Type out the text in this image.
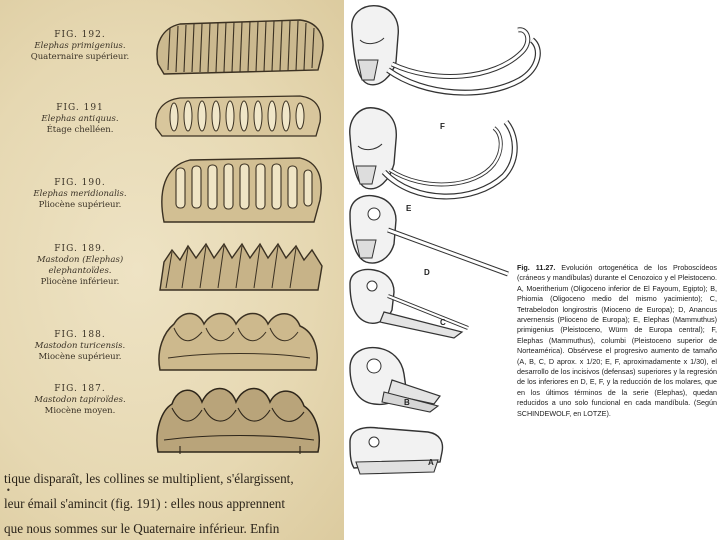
FIG. 192.
Elephas primigenius.
Quaternaire supérieur.
FIG. 191
Elephas antiquus.
Étage chelléen.
FIG. 190.
Elephas meridionalis.
Pliocène supérieur.
FIG. 189.
Mastodon (Elephas) elephantoïdes.
Pliocène inférieur.
FIG. 188.
Mastodon turicensis.
Miocène supérieur.
FIG. 187.
Mastodon tapiroïdes.
Miocène moyen.
•
tique disparaît, les collines se multiplient, s'élargissent,
leur émail s'amincit (fig. 191) : elles nous apprennent
que nous sommes sur le Quaternaire inférieur. Enfin
F
E
D
C
B
A
Fig. 11.27. Evolución ortogenética de los Proboscídeos (cráneos y mandíbulas) durante el Cenozoico y el Pleistoceno. A, Moeritherium (Oligoceno inferior de El Fayoum, Egipto); B, Phiomia (Oligoceno medio del mismo yacimiento); C, Tetrabelodon longirostris (Mioceno de Europa); D, Anancus arvernensis (Plioceno de Europa); E, Elephas (Mammuthus) primigenius (Pleistoceno, Würm de Europa central); F, Elephas (Mammuthus), columbi (Pleistoceno superior de Norteamérica). Obsérvese el progresivo aumento de tamaño (A, B, C, D aprox. x 1/20; E, F, aproximadamente x 1/30), el desarrollo de los incisivos (defensas) superiores y la regresión de los inferiores en D, E, F, y la reducción de los molares, que en los últimos términos de la serie (Elephas), quedan reducidos a uno solo funcional en cada mandíbula. (Según SCHINDEWOLF, en LOTZE).
